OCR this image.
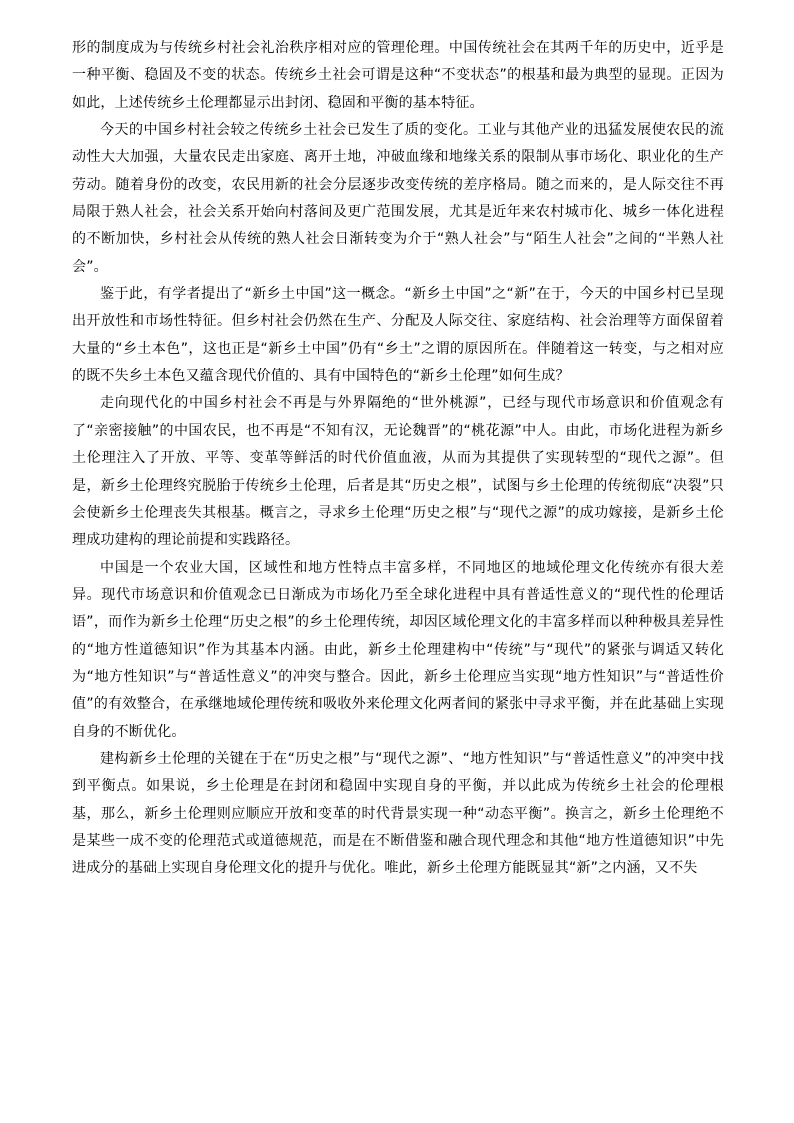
形的制度成为与传统乡村社会礼治秩序相对应的管理伦理。中国传统社会在其两千年的历史中，近乎是一种平衡、稳固及不变的状态。传统乡土社会可谓是这种“不变状态”的根基和最为典型的显现。正因为如此，上述传统乡土伦理都显示出封闭、稳固和平衡的基本特征。

今天的中国乡村社会较之传统乡土社会已发生了质的变化。工业与其他产业的迅猛发展使农民的流动性大大加强，大量农民走出家庭、离开土地，冲破血缘和地缘关系的限制从事市场化、职业化的生产劳动。随着身份的改变，农民用新的社会分层逐步改变传统的差序格局。随之而来的，是人际交往不再局限于熟人社会，社会关系开始向村落间及更广范围发展，尤其是近年来农村城市化、城乡一体化进程的不断加快，乡村社会从传统的熟人社会日渐转变为介于“熟人社会”与“陌生人社会”之间的“半熟人社会”。

鉴于此，有学者提出了“新乡土中国”这一概念。“新乡土中国”之“新”在于，今天的中国乡村已呈现出开放性和市场性特征。但乡村社会仍然在生产、分配及人际交往、家庭结构、社会治理等方面保留着大量的“乡土本色”，这也正是“新乡土中国”仍有“乡土”之谓的原因所在。伴随着这一转变，与之相对应的既不失乡土本色又蕴含现代价值的、具有中国特色的“新乡土伦理”如何生成？

走向现代化的中国乡村社会不再是与外界隔绝的“世外桃源”，已经与现代市场意识和价值观念有了“亲密接触”的中国农民，也不再是“不知有汉，无论魏晋”的“桃花源”中人。由此，市场化进程为新乡土伦理注入了开放、平等、变革等鲜活的时代价值血液，从而为其提供了实现转型的“现代之源”。但是，新乡土伦理终究脱胎于传统乡土伦理，后者是其“历史之根”，试图与乡土伦理的传统彻底“决裂”只会使新乡土伦理丧失其根基。概言之，寻求乡土伦理“历史之根”与“现代之源”的成功嫁接，是新乡土伦理成功建构的理论前提和实践路径。

中国是一个农业大国，区域性和地方性特点丰富多样，不同地区的地域伦理文化传统亦有很大差异。现代市场意识和价值观念已日渐成为市场化乃至全球化进程中具有普适性意义的“现代性的伦理话语”，而作为新乡土伦理“历史之根”的乡土伦理传统，却因区域伦理文化的丰富多样而以种种极具差异性的“地方性道德知识”作为其基本内涵。由此，新乡土伦理建构中“传统”与“现代”的紧张与调适又转化为“地方性知识”与“普适性意义”的冲突与整合。因此，新乡土伦理应当实现“地方性知识”与“普适性价值”的有效整合，在承继地域伦理传统和吸收外来伦理文化两者间的紧张中寻求平衡，并在此基础上实现自身的不断优化。

建构新乡土伦理的关键在于在“历史之根”与“现代之源”、“地方性知识”与“普适性意义”的冲突中找到平衡点。如果说，乡土伦理是在封闭和稳固中实现自身的平衡，并以此成为传统乡土社会的伦理根基，那么，新乡土伦理则应顺应开放和变革的时代背景实现一种“动态平衡”。换言之，新乡土伦理绝不是某些一成不变的伦理范式或道德规范，而是在不断借鉴和融合现代理念和其他“地方性道德知识”中先进成分的基础上实现自身伦理文化的提升与优化。唯此，新乡土伦理方能既显其“新”之内涵，又不失
